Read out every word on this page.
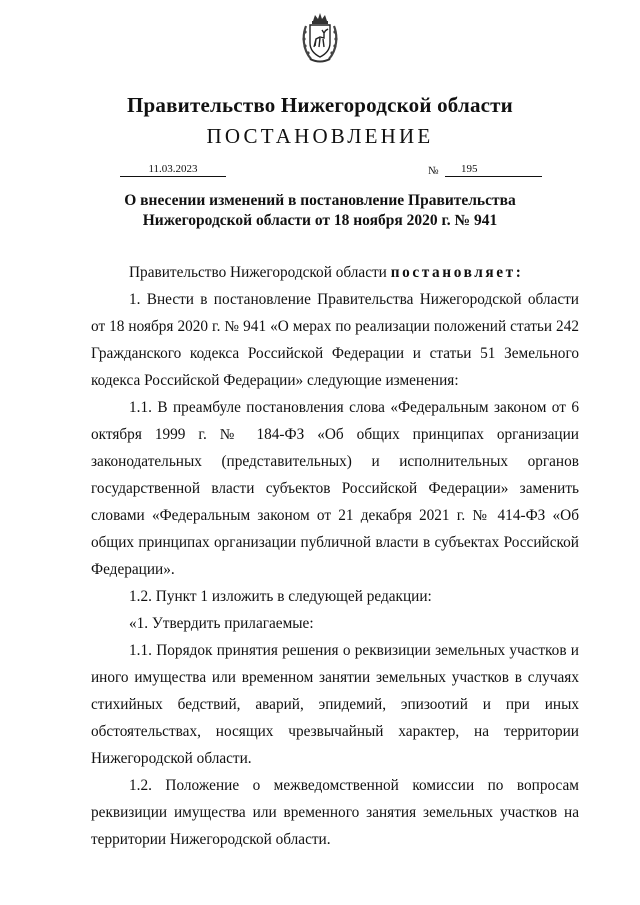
Правительство Нижегородской области
ПОСТАНОВЛЕНИЕ
11.03.2023	№	195
О внесении изменений в постановление Правительства
Нижегородской области от 18 ноября 2020 г. № 941

Правительство Нижегородской области постановляет:

1. Внести в постановление Правительства Нижегородской области от 18 ноября 2020 г. № 941 «О мерах по реализации положений статьи 242 Гражданского кодекса Российской Федерации и статьи 51 Земельного кодекса Российской Федерации» следующие изменения:

1.1. В преамбуле постановления слова «Федеральным законом от 6 октября 1999 г. № 184-ФЗ «Об общих принципах организации законодательных (представительных) и исполнительных органов государственной власти субъектов Российской Федерации» заменить словами «Федеральным законом от 21 декабря 2021 г. № 414-ФЗ «Об общих принципах организации публичной власти в субъектах Российской Федерации».

1.2. Пункт 1 изложить в следующей редакции:

«1. Утвердить прилагаемые:

1.1. Порядок принятия решения о реквизиции земельных участков и иного имущества или временном занятии земельных участков в случаях стихийных бедствий, аварий, эпидемий, эпизоотий и при иных обстоятельствах, носящих чрезвычайный характер, на территории Нижегородской области.

1.2. Положение о межведомственной комиссии по вопросам реквизиции имущества или временного занятия земельных участков на территории Нижегородской области.
